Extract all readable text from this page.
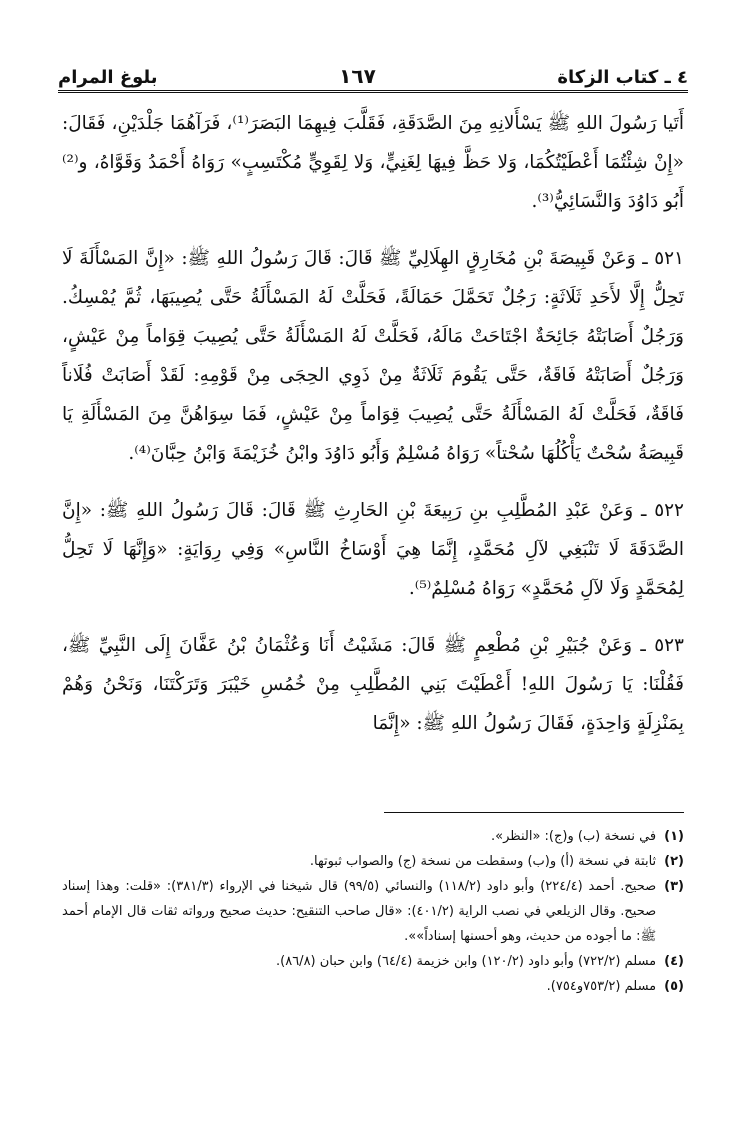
٤ ـ كتاب الزكاة
١٦٧
بلوغ المرام

أَتَيا رَسُولَ اللهِ ﷺ يَسْأَلانِهِ مِنَ الصَّدَقَةِ، فَقَلَّبَ فِيهِمَا البَصَرَ⁽¹⁾، فَرَآهُمَا جَلْدَيْنِ، فَقَالَ: «إِنْ شِئْتُمَا أَعْطَيْتُكُمَا، وَلا حَظَّ فِيهَا لِغَنِيٍّ، وَلا لِقَوِيٍّ مُكْتَسِبٍ» رَوَاهُ أَحْمَدُ وَقَوَّاهُ، و⁽²⁾أَبُو دَاوُدَ وَالنَّسَائِيُّ⁽³⁾.

٥٢١ ـ وَعَنْ قَبِيصَةَ بْنِ مُخَارِقٍ الهِلَالِيِّ ﷺ قَالَ: قَالَ رَسُولُ اللهِ ﷺ: «إِنَّ المَسْأَلَةَ لَا تَحِلُّ إِلَّا لأَحَدِ ثَلَاثَةٍ: رَجُلٌ تَحَمَّلَ حَمَالَةً، فَحَلَّتْ لَهُ المَسْأَلَةُ حَتَّى يُصِيبَهَا، ثُمَّ يُمْسِكُ. وَرَجُلٌ أَصَابَتْهُ جَائِحَةٌ اجْتَاحَتْ مَالَهُ، فَحَلَّتْ لَهُ المَسْأَلَةُ حَتَّى يُصِيبَ قِوَاماً مِنْ عَيْشٍ، وَرَجُلٌ أَصَابَتْهُ فَاقَةٌ، حَتَّى يَقُومَ ثَلَاثَةٌ مِنْ ذَوِي الحِجَى مِنْ قَوْمِهِ: لَقَدْ أَصَابَتْ فُلَاناً فَاقَةٌ، فَحَلَّتْ لَهُ المَسْأَلَةُ حَتَّى يُصِيبَ قِوَاماً مِنْ عَيْشٍ، فَمَا سِوَاهُنَّ مِنَ المَسْأَلَةِ يَا قَبِيصَةُ سُحْتٌ يَأْكُلُهَا سُحْتاً» رَوَاهُ مُسْلِمٌ وَأَبُو دَاوُدَ وابْنُ خُزَيْمَةَ وَابْنُ حِبَّانَ⁽⁴⁾.

٥٢٢ ـ وَعَنْ عَبْدِ المُطَّلِبِ بنِ رَبِيعَةَ بْنِ الحَارِثِ ﷺ قَالَ: قَالَ رَسُولُ اللهِ ﷺ: «إِنَّ الصَّدَقَةَ لَا تَنْبَغِي لآلِ مُحَمَّدٍ، إِنَّمَا هِيَ أَوْسَاخُ النَّاسِ» وَفِي رِوَايَةٍ: «وَإِنَّهَا لَا تَحِلُّ لِمُحَمَّدٍ وَلَا لآلِ مُحَمَّدٍ» رَوَاهُ مُسْلِمٌ⁽⁵⁾.

٥٢٣ ـ وَعَنْ جُبَيْرِ بْنِ مُطْعِمٍ ﷺ قَالَ: مَشَيْتُ أَنَا وَعُثْمَانُ بْنُ عَفَّانَ إِلَى النَّبِيِّ ﷺ، فَقُلْنَا: يَا رَسُولَ اللهِ! أَعْطَيْتَ بَنِي المُطَّلِبِ مِنْ خُمُسِ خَيْبَرَ وَتَرَكْتَنَا، وَنَحْنُ وَهُمْ بِمَنْزِلَةٍ وَاحِدَةٍ، فَقَالَ رَسُولُ اللهِ ﷺ: «إِنَّمَا

(١)
في نسخة (ب) و(ج): «النظر».
(٢)
ثابتة في نسخة (أ) و(ب) وسقطت من نسخة (ج) والصواب ثبوتها.
(٣)
صحيح. أحمد (٢٢٤/٤) وأبو داود (١١٨/٢) والنسائي (٩٩/٥) قال شيخنا في الإرواء (٣٨١/٣): «قلت: وهذا إسناد صحيح. وقال الزيلعي في نصب الراية (٤٠١/٢): «قال صاحب التنقيح: حديث صحيح ورواته ثقات قال الإمام أحمد ﷺ: ما أجوده من حديث، وهو أحسنها إسناداً»».
(٤)
مسلم (٧٢٢/٢) وأبو داود (١٢٠/٢) وابن خزيمة (٦٤/٤) وابن حبان (٨٦/٨).
(٥)
مسلم (٧٥٣/٢و٧٥٤).
